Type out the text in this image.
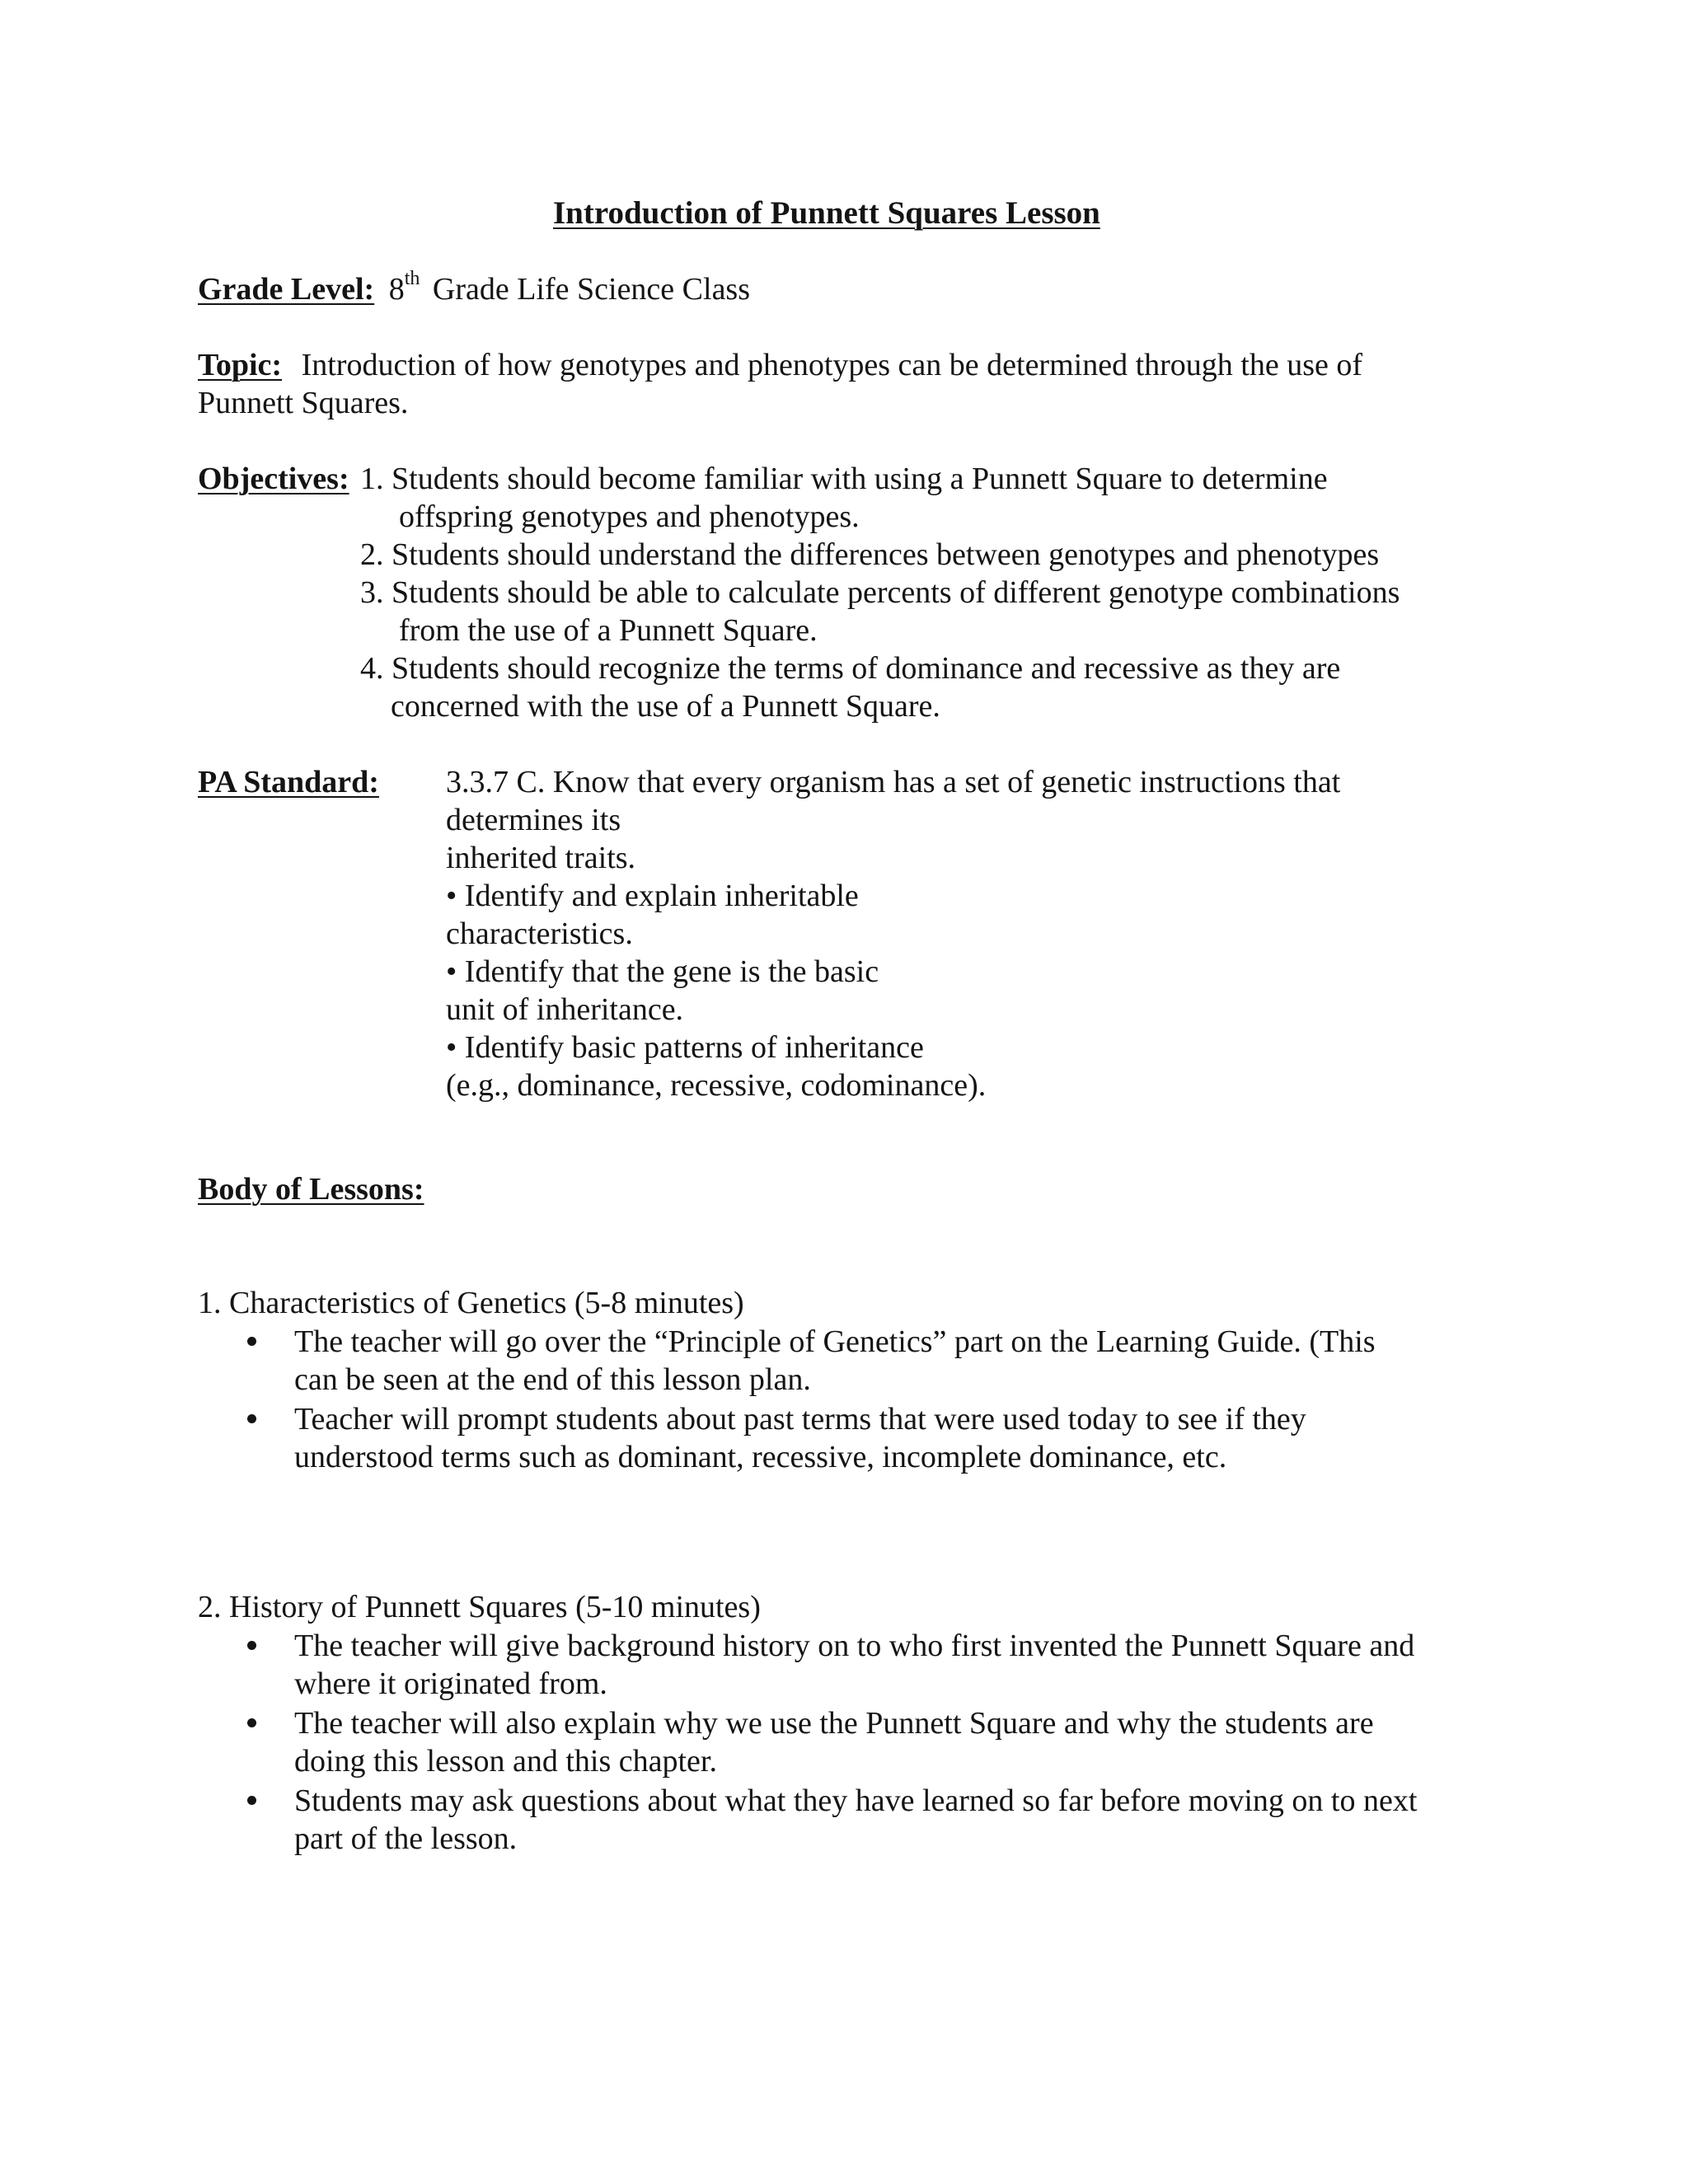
Introduction of Punnett Squares Lesson
Grade Level: 8th Grade Life Science Class
Topic: Introduction of how genotypes and phenotypes can be determined through the use of
Punnett Squares.
Objectives: 1. Students should become familiar with using a Punnett Square to determine
offspring genotypes and phenotypes.
2. Students should understand the differences between genotypes and phenotypes
3. Students should be able to calculate percents of different genotype combinations
from the use of a Punnett Square.
4. Students should recognize the terms of dominance and recessive as they are
concerned with the use of a Punnett Square.
PA Standard: 3.3.7 C. Know that every organism has a set of genetic instructions that
determines its
inherited traits.
• Identify and explain inheritable
characteristics.
• Identify that the gene is the basic
unit of inheritance.
• Identify basic patterns of inheritance
(e.g., dominance, recessive, codominance).
Body of Lessons:
1. Characteristics of Genetics (5-8 minutes)
The teacher will go over the “Principle of Genetics” part on the Learning Guide. (This
can be seen at the end of this lesson plan.
Teacher will prompt students about past terms that were used today to see if they
understood terms such as dominant, recessive, incomplete dominance, etc.
2. History of Punnett Squares (5-10 minutes)
The teacher will give background history on to who first invented the Punnett Square and
where it originated from.
The teacher will also explain why we use the Punnett Square and why the students are
doing this lesson and this chapter.
Students may ask questions about what they have learned so far before moving on to next
part of the lesson.
